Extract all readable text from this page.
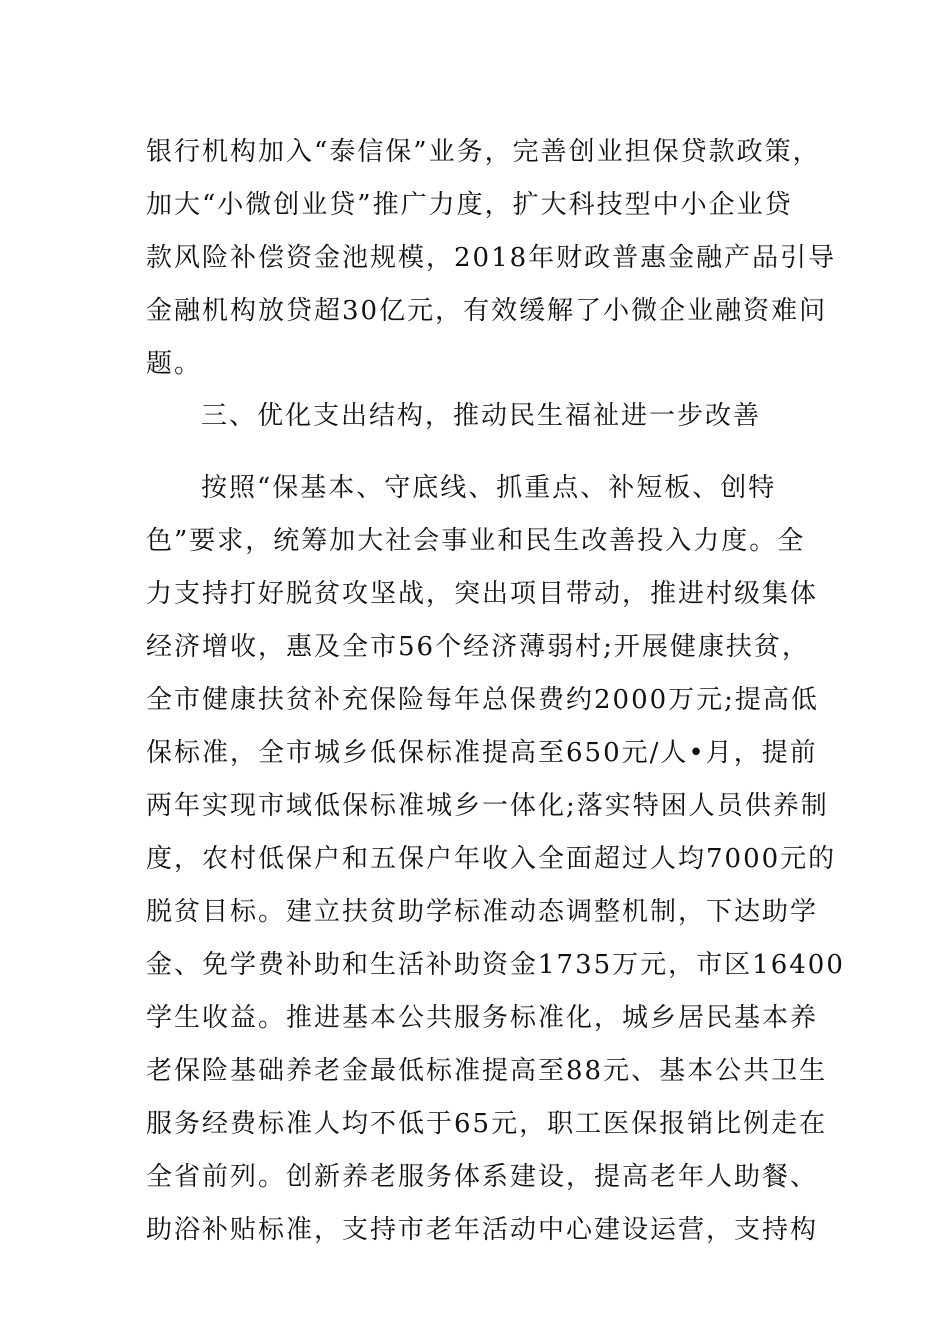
银行机构加入“泰信保”业务，完善创业担保贷款政策，
加大“小微创业贷”推广力度，扩大科技型中小企业贷
款风险补偿资金池规模，2018年财政普惠金融产品引导
金融机构放贷超30亿元，有效缓解了小微企业融资难问
题。
三、优化支出结构，推动民生福祉进一步改善
按照“保基本、守底线、抓重点、补短板、创特
色”要求，统筹加大社会事业和民生改善投入力度。全
力支持打好脱贫攻坚战，突出项目带动，推进村级集体
经济增收，惠及全市56个经济薄弱村;开展健康扶贫，
全市健康扶贫补充保险每年总保费约2000万元;提高低
保标准，全市城乡低保标准提高至650元/人•月，提前
两年实现市域低保标准城乡一体化;落实特困人员供养制
度，农村低保户和五保户年收入全面超过人均7000元的
脱贫目标。建立扶贫助学标准动态调整机制，下达助学
金、免学费补助和生活补助资金1735万元，市区16400
学生收益。推进基本公共服务标准化，城乡居民基本养
老保险基础养老金最低标准提高至88元、基本公共卫生
服务经费标准人均不低于65元，职工医保报销比例走在
全省前列。创新养老服务体系建设，提高老年人助餐、
助浴补贴标准，支持市老年活动中心建设运营，支持构
